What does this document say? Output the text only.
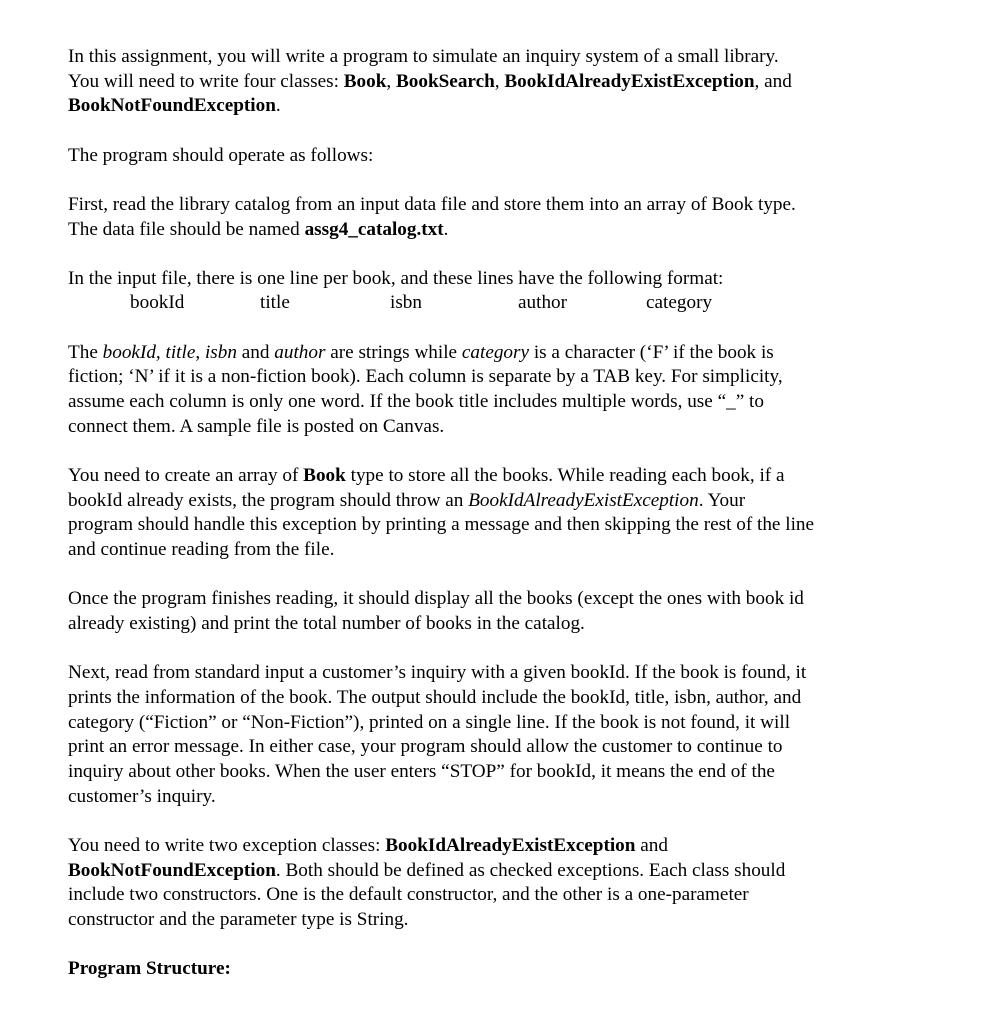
In this assignment, you will write a program to simulate an inquiry system of a small library.
You will need to write four classes: Book, BookSearch, BookIdAlreadyExistException, and
BookNotFoundException.

The program should operate as follows:

First, read the library catalog from an input data file and store them into an array of Book type.
The data file should be named assg4_catalog.txt.

In the input file, there is one line per book, and these lines have the following format:
bookId	title	isbn	author	category

The bookId, title, isbn and author are strings while category is a character (‘F’ if the book is
fiction; ‘N’ if it is a non-fiction book). Each column is separate by a TAB key. For simplicity,
assume each column is only one word. If the book title includes multiple words, use “_” to
connect them. A sample file is posted on Canvas.

You need to create an array of Book type to store all the books. While reading each book, if a
bookId already exists, the program should throw an BookIdAlreadyExistException. Your
program should handle this exception by printing a message and then skipping the rest of the line
and continue reading from the file.

Once the program finishes reading, it should display all the books (except the ones with book id
already existing) and print the total number of books in the catalog.

Next, read from standard input a customer’s inquiry with a given bookId. If the book is found, it
prints the information of the book. The output should include the bookId, title, isbn, author, and
category (“Fiction” or “Non-Fiction”), printed on a single line. If the book is not found, it will
print an error message. In either case, your program should allow the customer to continue to
inquiry about other books. When the user enters “STOP” for bookId, it means the end of the
customer’s inquiry.

You need to write two exception classes: BookIdAlreadyExistException and
BookNotFoundException. Both should be defined as checked exceptions. Each class should
include two constructors. One is the default constructor, and the other is a one-parameter
constructor and the parameter type is String.

Program Structure:
